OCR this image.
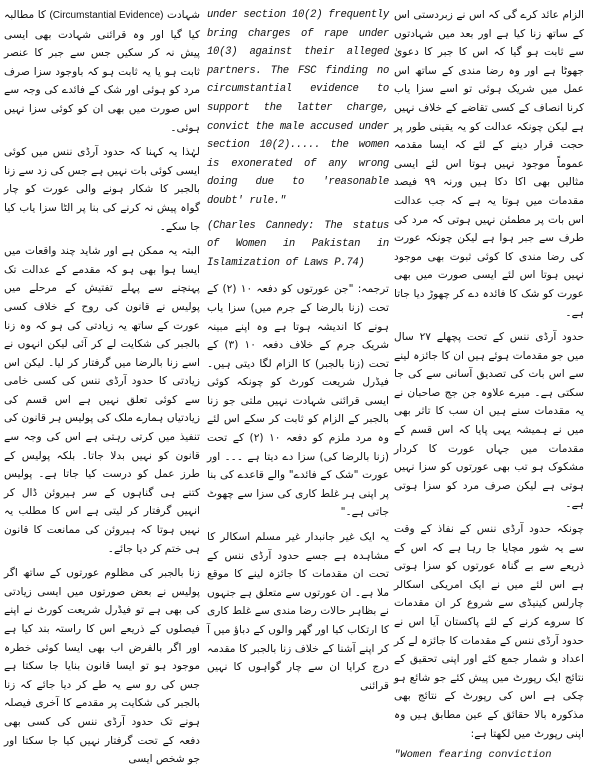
الزام عائد کرے گی کہ اس نے زبردستی اس کے ساتھ زنا کیا ہے اور بعد میں شہادتوں سے ثابت ہو گیا کہ اس کا جبر کا دعویٰ جھوٹا ہے اور وہ رضا مندی کے ساتھ اس عمل میں شریک ہوئی تو اسے سزا یاب کرنا انصاف کے کسی تقاضے کے خلاف نہیں ہے لیکن چونکہ عدالت کو یہ یقینی طور پر حجت قرار دینے کے لئے کہ ایسا مقدمہ عموماً موجود نہیں ہوتا اس لئے ایسی مثالیں بھی اکا دکا ہیں ورنہ ۹۹ فیصد مقدمات میں ہوتا یہ ہے کہ جب عدالت اس بات پر مطمئن نہیں ہوتی کہ مرد کی طرف سے جبر ہوا ہے لیکن چونکہ عورت کی رضا مندی کا کوئی ثبوت بھی موجود نہیں ہوتا اس لئے ایسی صورت میں بھی عورت کو شک کا فائدہ دے کر چھوڑ دیا جاتا ہے۔

حدود آرڈی ننس کے تحت پچھلے ۲۷ سال میں جو مقدمات ہوئے ہیں ان کا جائزہ لینے سے اس بات کی تصدیق آسانی سے کی جا سکتی ہے۔ میرے علاوہ جن جج صاحبان نے یہ مقدمات سنے ہیں ان سب کا تاثر بھی میں نے ہمیشہ یہی پایا کہ اس قسم کے مقدمات میں جہاں عورت کا کردار مشکوک ہو تب بھی عورتوں کو سزا نہیں ہوتی ہے لیکن صرف مرد کو سزا ہوتی ہے۔

چونکہ حدود آرڈی ننس کے نفاذ کے وقت سے یہ شور مچایا جا رہا ہے کہ اس کے ذریعے سے بے گناہ عورتوں کو سزا ہوتی ہے اس لئے میں نے ایک امریکی اسکالر چارلس کینیڈی سے شروع کر ان مقدمات کا سروے کرنے کے لئے پاکستان آیا اس نے حدود آرڈی ننس کے مقدمات کا جائزہ لے کر اعداد و شمار جمع کئے اور اپنی تحقیق کے نتائج ایک رپورٹ میں پیش کئے جو شائع ہو چکی ہے اس کی رپورٹ کے نتائج بھی مذکورہ بالا حقائق کے عین مطابق ہیں وہ اپنی رپورٹ میں لکھتا ہے:

"Women fearing conviction

under section 10(2) frequently bring charges of rape under 10(3) against their alleged partners. The FSC finding no circumstantial evidence to support the latter charge, convict the male accused under section 10(2)..... the women is exonerated of any wrong doing due to 'reasonable doubt' rule."

(Charles Cannedy: The status of Women in Pakistan in Islamization of Laws P.74)

ترجمہ: "جن عورتوں کو دفعہ ۱۰ (۲) کے تحت (زنا بالرضا کے جرم میں) سزا یاب ہونے کا اندیشہ ہوتا ہے وہ اپنے مبینہ شریک جرم کے خلاف دفعہ ۱۰ (۳) کے تحت (زنا بالجبر) کا الزام لگا دیتی ہیں۔ فیڈرل شریعت کورٹ کو چونکہ کوئی ایسی قرائنی شہادت نہیں ملتی جو زنا بالجبر کے الزام کو ثابت کر سکے اس لئے وہ مرد ملزم کو دفعہ ۱۰ (۲) کے تحت (زنا بالرضا کی) سزا دے دیتا ہے ۔۔۔ اور عورت "شک کے فائدے" والے قاعدے کی بنا پر اپنی ہر غلط کاری کی سزا سے چھوٹ جاتی ہے۔"

یہ ایک غیر جانبدار غیر مسلم اسکالر کا مشاہدہ ہے جسے حدود آرڈی ننس کے تحت ان مقدمات کا جائزہ لینے کا موقع ملا ہے۔ ان عورتوں سے متعلق ہے جنہوں نے بظاہر حالات رضا مندی سے غلط کاری کا ارتکاب کیا اور گھر والوں کے دباؤ میں آ کر اپنے آشنا کے خلاف زنا بالجبر کا مقدمہ درج کرایا ان سے چار گواہوں کا نہیں قرائنی

شہادت (Circumstantial Evidence) کا مطالبہ کیا گیا اور وہ قرائنی شہادت بھی ایسی پیش نہ کر سکیں جس سے جبر کا عنصر ثابت ہو یا یہ ثابت ہو کہ باوجود سزا صرف مرد کو ہوئی اور شک کے فائدے کی وجہ سے اس صورت میں بھی ان کو کوئی سزا نہیں ہوئی۔

لہٰذا یہ کہنا کہ حدود آرڈی ننس میں کوئی ایسی کوئی بات نہیں ہے جس کی زد سے زنا بالجبر کا شکار ہونے والی عورت کو چار گواہ پیش نہ کرنے کی بنا پر الٹا سزا یاب کیا جا سکے۔

البتہ یہ ممکن ہے اور شاید چند واقعات میں ایسا ہوا بھی ہو کہ مقدمے کے عدالت تک پہنچنے سے پہلے تفتیش کے مرحلے میں پولیس نے قانون کی روح کے خلاف کسی عورت کے ساتھ یہ زیادتی کی ہو کہ وہ زنا بالجبر کی شکایت لے کر آئی لیکن انہوں نے اسے زنا بالرضا میں گرفتار کر لیا۔ لیکن اس زیادتی کا حدود آرڈی ننس کی کسی خامی سے کوئی تعلق نہیں ہے اس قسم کی زیادتیاں ہمارے ملک کی پولیس ہر قانون کی تنفیذ میں کرتی رہتی ہے اس کی وجہ سے قانون کو نہیں بدلا جاتا۔ بلکہ پولیس کے طرز عمل کو درست کیا جاتا ہے۔ پولیس کتنے ہی گناہوں کے سر ہیروئن ڈال کر انہیں گرفتار کر لیتی ہے اس کا مطلب یہ نہیں ہوتا کہ ہیروئن کی ممانعت کا قانون ہی ختم کر دیا جائے۔

زنا بالجبر کی مظلوم عورتوں کے ساتھ اگر پولیس نے بعض صورتوں میں ایسی زیادتی کی بھی ہے تو فیڈرل شریعت کورٹ نے اپنے فیصلوں کے ذریعے اس کا راستہ بند کیا ہے اور اگر بالفرض اب بھی ایسا کوئی خطرہ موجود ہو تو ایسا قانون بنایا جا سکتا ہے جس کی رو سے یہ طے کر دیا جائے کہ زنا بالجبر کی شکایت پر مقدمے کا آخری فیصلہ ہونے تک حدود آرڈی ننس کی کسی بھی دفعہ کے تحت گرفتار نہیں کیا جا سکتا اور جو شخص ایسی
